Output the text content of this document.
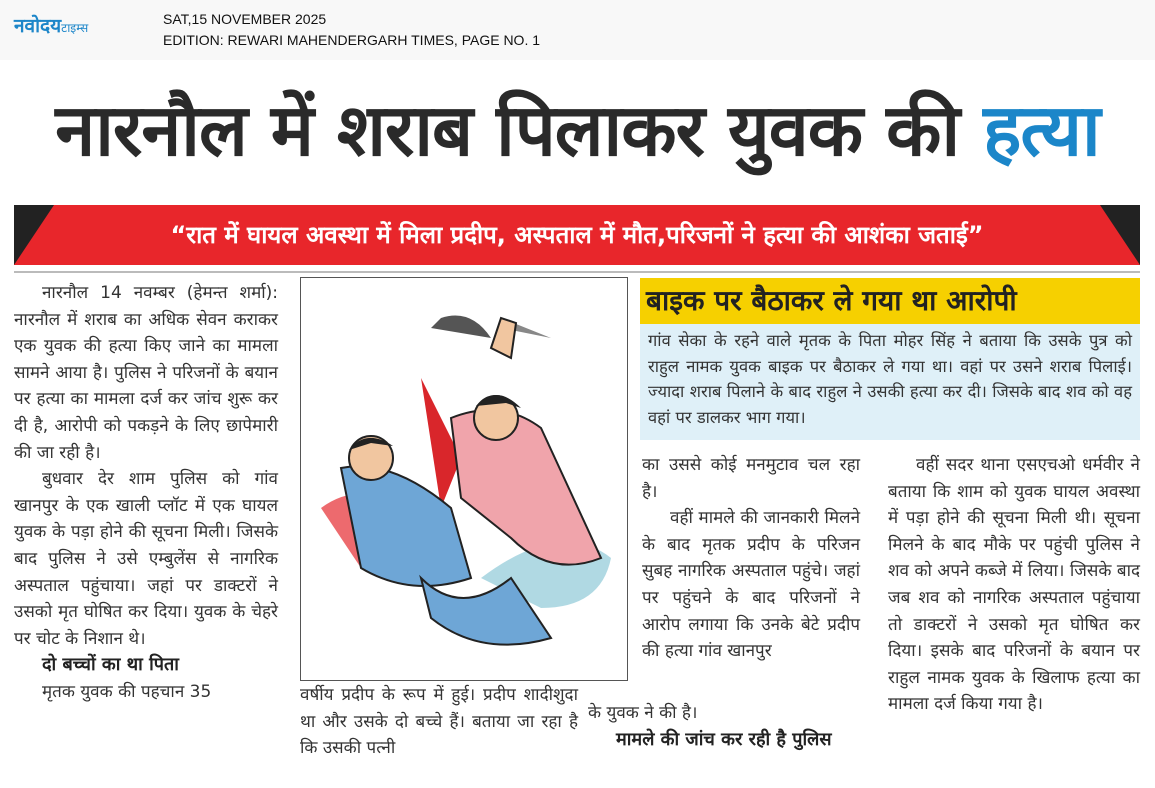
नवोदयटाइम्स
SAT,15 NOVEMBER 2025
EDITION: REWARI MAHENDERGARH TIMES, PAGE NO. 1
नारनौल में शराब पिलाकर युवक की हत्या
“रात में घायल अवस्था में मिला प्रदीप, अस्पताल में मौत,परिजनों ने हत्या की आशंका जताई”

नारनौल 14 नवम्बर (हेमन्त शर्मा): नारनौल में शराब का अधिक सेवन कराकर एक युवक की हत्या किए जाने का मामला सामने आया है। पुलिस ने परिजनों के बयान पर हत्या का मामला दर्ज कर जांच शुरू कर दी है, आरोपी को पकड़ने के लिए छापेमारी की जा रही है।

बुधवार देर शाम पुलिस को गांव खानपुर के एक खाली प्लॉट में एक घायल युवक के पड़ा होने की सूचना मिली। जिसके बाद पुलिस ने उसे एम्बुलेंस से नागरिक अस्पताल पहुंचाया। जहां पर डाक्टरों ने उसको मृत घोषित कर दिया। युवक के चेहरे पर चोट के निशान थे।

दो बच्चों का था पिता

मृतक युवक की पहचान 35	वर्षीय प्रदीप के रूप में हुई। प्रदीप शादीशुदा था और उसके दो बच्चे हैं। बताया जा रहा है कि उसकी पत्नी

बाइक पर बैठाकर ले गया था आरोपी

गांव सेका के रहने वाले मृतक के पिता मोहर सिंह ने बताया कि उसके पुत्र को राहुल नामक युवक बाइक पर बैठाकर ले गया था। वहां पर उसने शराब पिलाई। ज्यादा शराब पिलाने के बाद राहुल ने उसकी हत्या कर दी। जिसके बाद शव को वह वहां पर डालकर भाग गया।

का उससे कोई मनमुटाव चल रहा है।

वहीं मामले की जानकारी मिलने के बाद मृतक प्रदीप के परिजन सुबह नागरिक अस्पताल पहुंचे। जहां पर पहुंचने के बाद परिजनों ने आरोप लगाया कि उनके बेटे प्रदीप की हत्या गांव खानपुर

के युवक ने की है।

मामले की जांच कर रही है पुलिस

वहीं सदर थाना एसएचओ धर्मवीर ने बताया कि शाम को युवक घायल अवस्था में पड़ा होने की सूचना मिली थी। सूचना मिलने के बाद मौके पर पहुंची पुलिस ने शव को अपने कब्जे में लिया। जिसके बाद जब शव को नागरिक अस्पताल पहुंचाया तो डाक्टरों ने उसको मृत घोषित कर दिया। इसके बाद परिजनों के बयान पर राहुल नामक युवक के खिलाफ हत्या का मामला दर्ज किया गया है।
